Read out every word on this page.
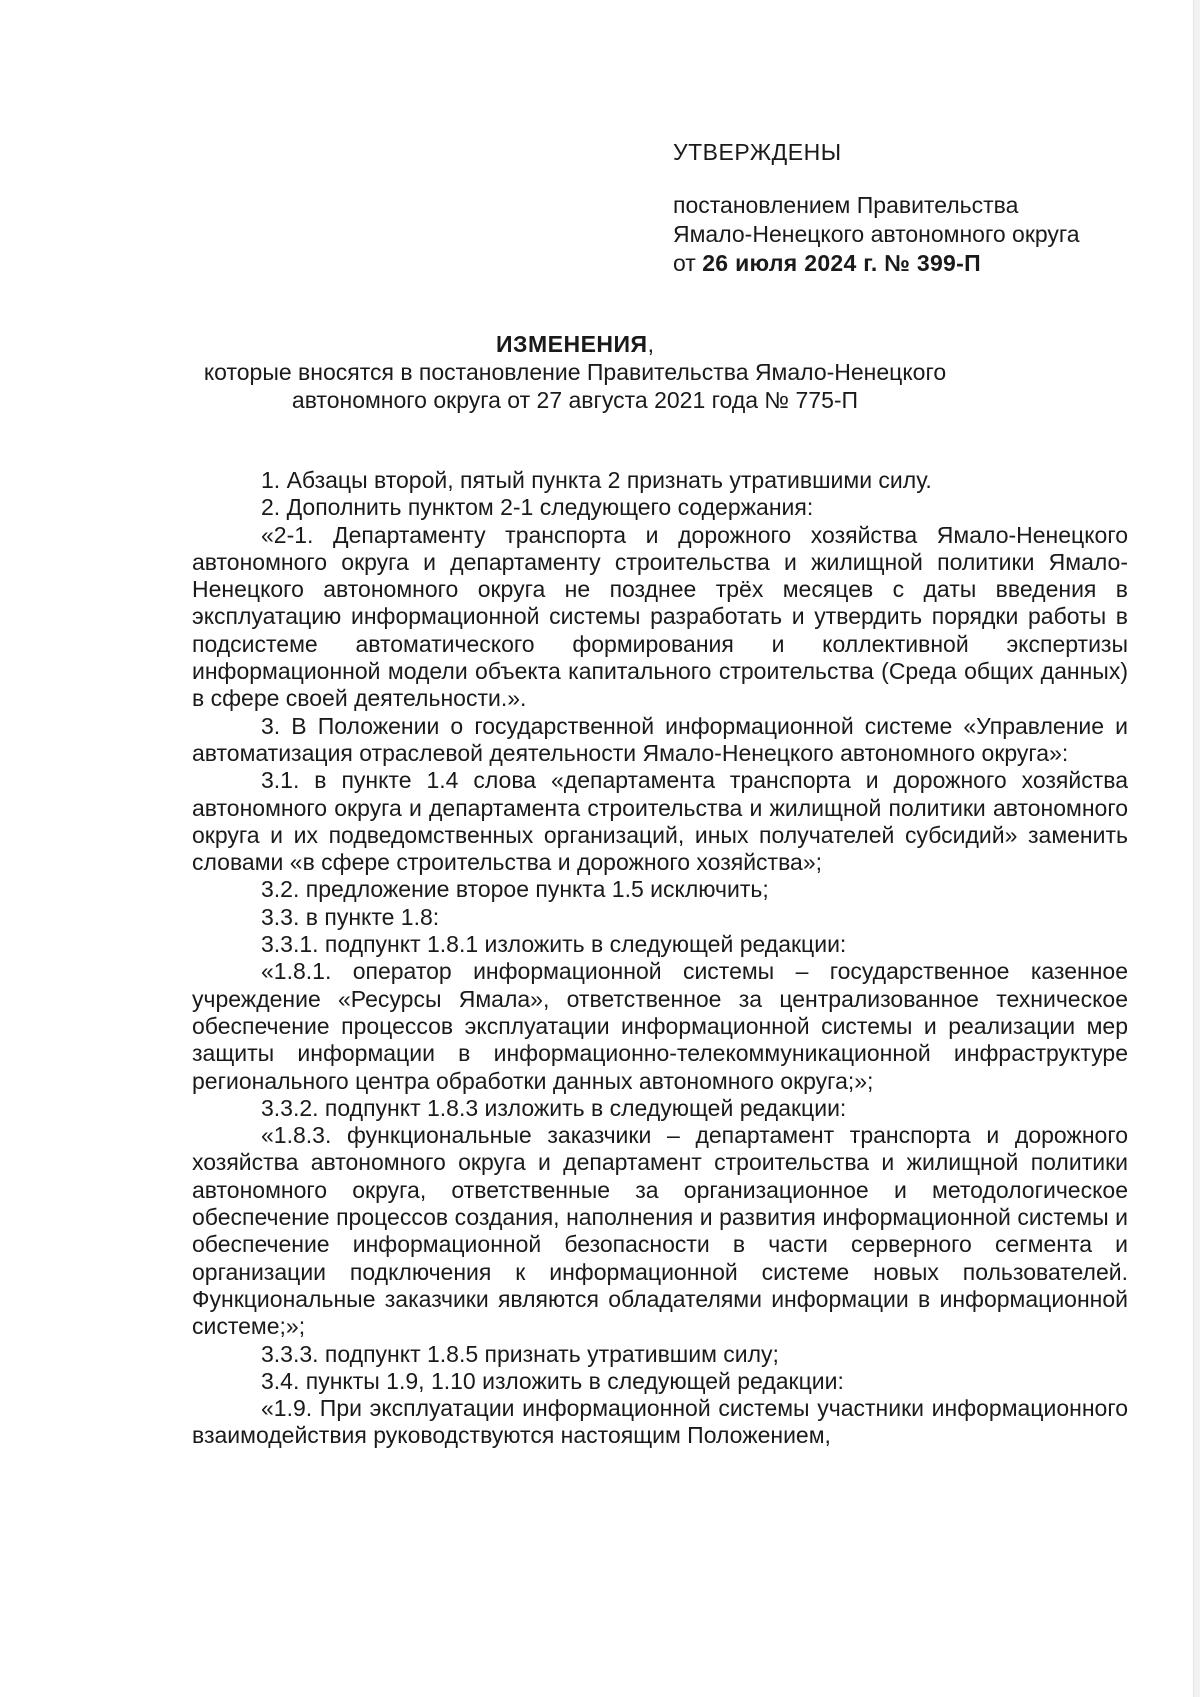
УТВЕРЖДЕНЫ
постановлением Правительства
Ямало-Ненецкого автономного округа
от 26 июля 2024 г. № 399-П
ИЗМЕНЕНИЯ,
которые вносятся в постановление Правительства Ямало-Ненецкого
автономного округа от 27 августа 2021 года № 775-П

1. Абзацы второй, пятый пункта 2 признать утратившими силу.

2. Дополнить пунктом 2-1 следующего содержания:

«2-1. Департаменту транспорта и дорожного хозяйства Ямало-Ненецкого автономного округа и департаменту строительства и жилищной политики Ямало-Ненецкого автономного округа не позднее трёх месяцев с даты введения в эксплуатацию информационной системы разработать и утвердить порядки работы в подсистеме автоматического формирования и коллективной экспертизы информационной модели объекта капитального строительства (Среда общих данных) в сфере своей деятельности.».

3. В Положении о государственной информационной системе «Управление и автоматизация отраслевой деятельности Ямало-Ненецкого автономного округа»:

3.1. в пункте 1.4 слова «департамента транспорта и дорожного хозяйства автономного округа и департамента строительства и жилищной политики автономного округа и их подведомственных организаций, иных получателей субсидий» заменить словами «в сфере строительства и дорожного хозяйства»;

3.2. предложение второе пункта 1.5 исключить;

3.3. в пункте 1.8:

3.3.1. подпункт 1.8.1 изложить в следующей редакции:

«1.8.1. оператор информационной системы – государственное казенное учреждение «Ресурсы Ямала», ответственное за централизованное техническое обеспечение процессов эксплуатации информационной системы и реализации мер защиты информации в информационно-телекоммуникационной инфраструктуре регионального центра обработки данных автономного округа;»;

3.3.2. подпункт 1.8.3 изложить в следующей редакции:

«1.8.3. функциональные заказчики – департамент транспорта и дорожного хозяйства автономного округа и департамент строительства и жилищной политики автономного округа, ответственные за организационное и методологическое обеспечение процессов создания, наполнения и развития информационной системы и обеспечение информационной безопасности в части серверного сегмента и организации подключения к информационной системе новых пользователей. Функциональные заказчики являются обладателями информации в информационной системе;»;

3.3.3. подпункт 1.8.5 признать утратившим силу;

3.4. пункты 1.9, 1.10 изложить в следующей редакции:

«1.9. При эксплуатации информационной системы участники информационного взаимодействия руководствуются настоящим Положением,
